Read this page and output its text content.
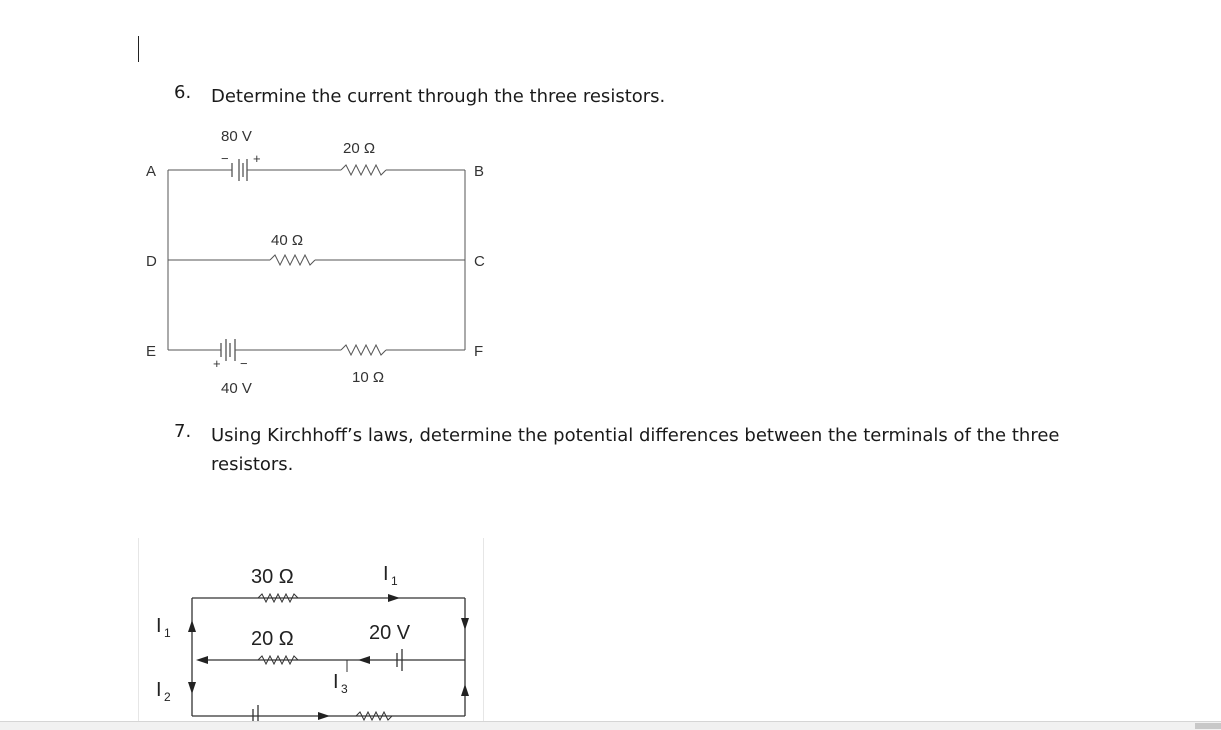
6. Determine the current through the three resistors.
A	B
C
D
E	F
80 V
− +
20 Ω
40 Ω
+ −
40 V
10 Ω
7. Using Kirchhoff’s laws, determine the potential differences between the terminals of the three resistors.
30 Ω
20 Ω	20 V
I 1
I 1
I 2
I 3
